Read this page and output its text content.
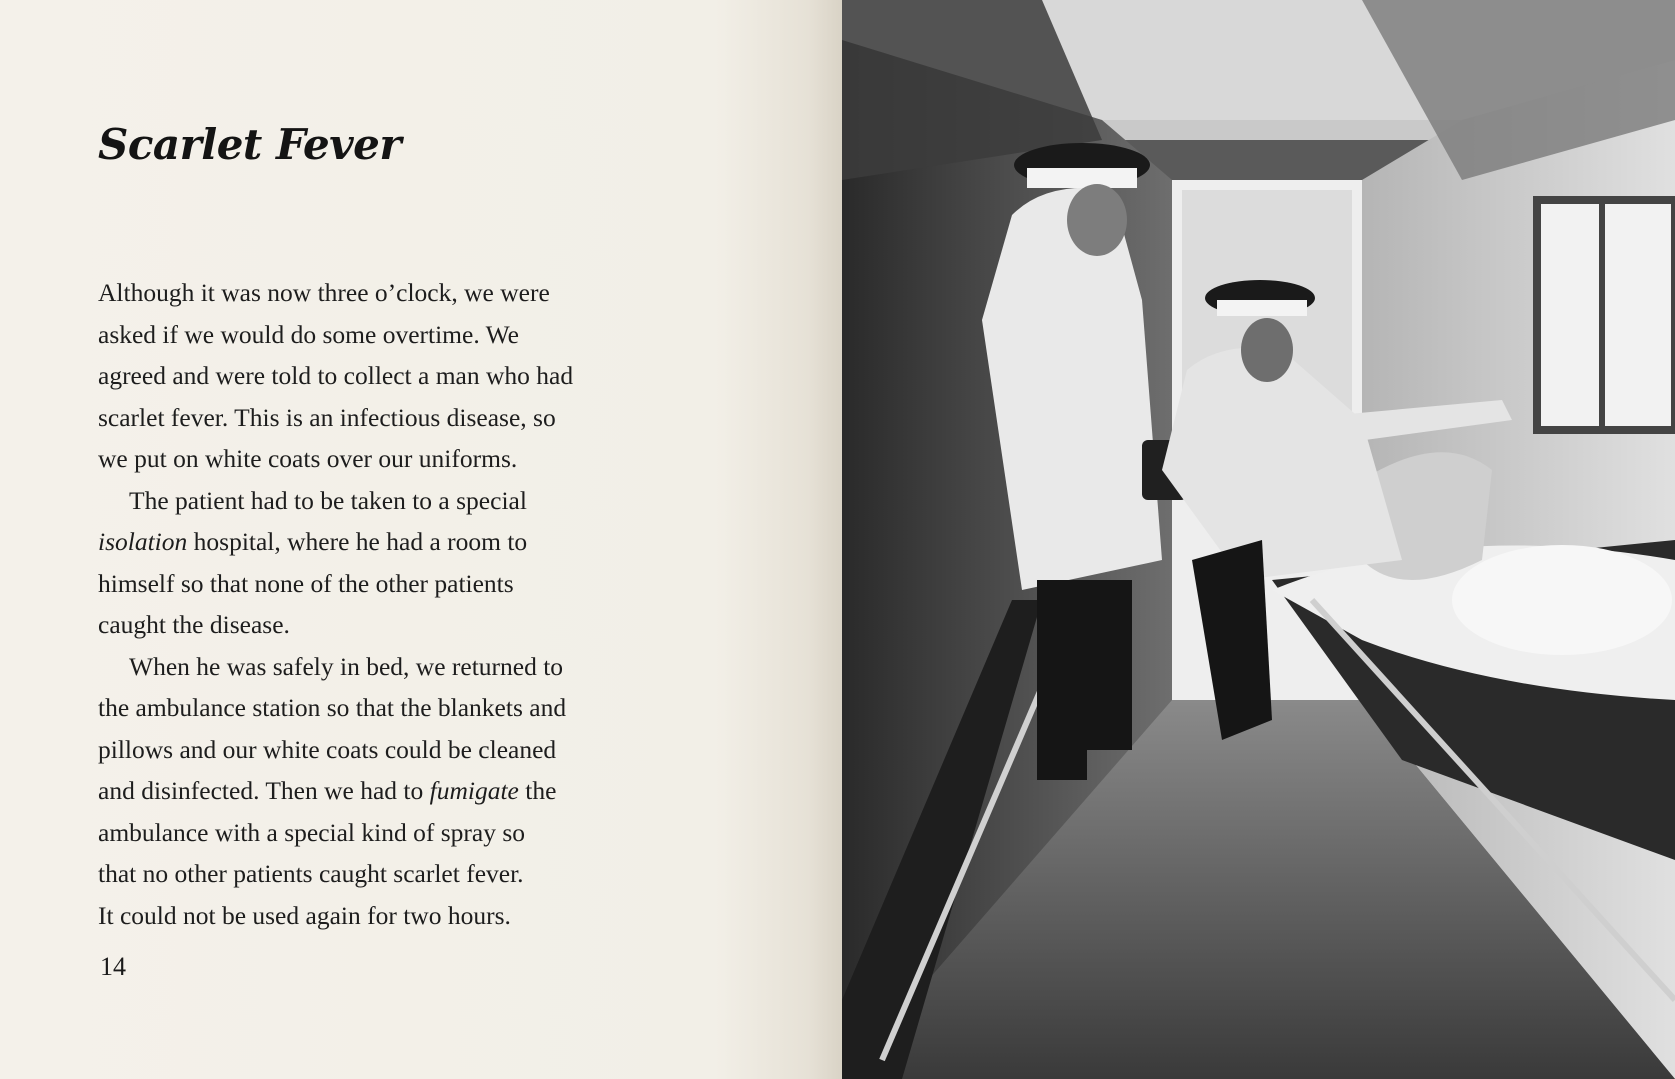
Scarlet Fever
Although it was now three o’clock, we were
asked if we would do some overtime. We
agreed and were told to collect a man who had
scarlet fever. This is an infectious disease, so
we put on white coats over our uniforms.
The patient had to be taken to a special
isolation hospital, where he had a room to
himself so that none of the other patients
caught the disease.
When he was safely in bed, we returned to
the ambulance station so that the blankets and
pillows and our white coats could be cleaned
and disinfected. Then we had to fumigate the
ambulance with a special kind of spray so
that no other patients caught scarlet fever.
It could not be used again for two hours.
14
